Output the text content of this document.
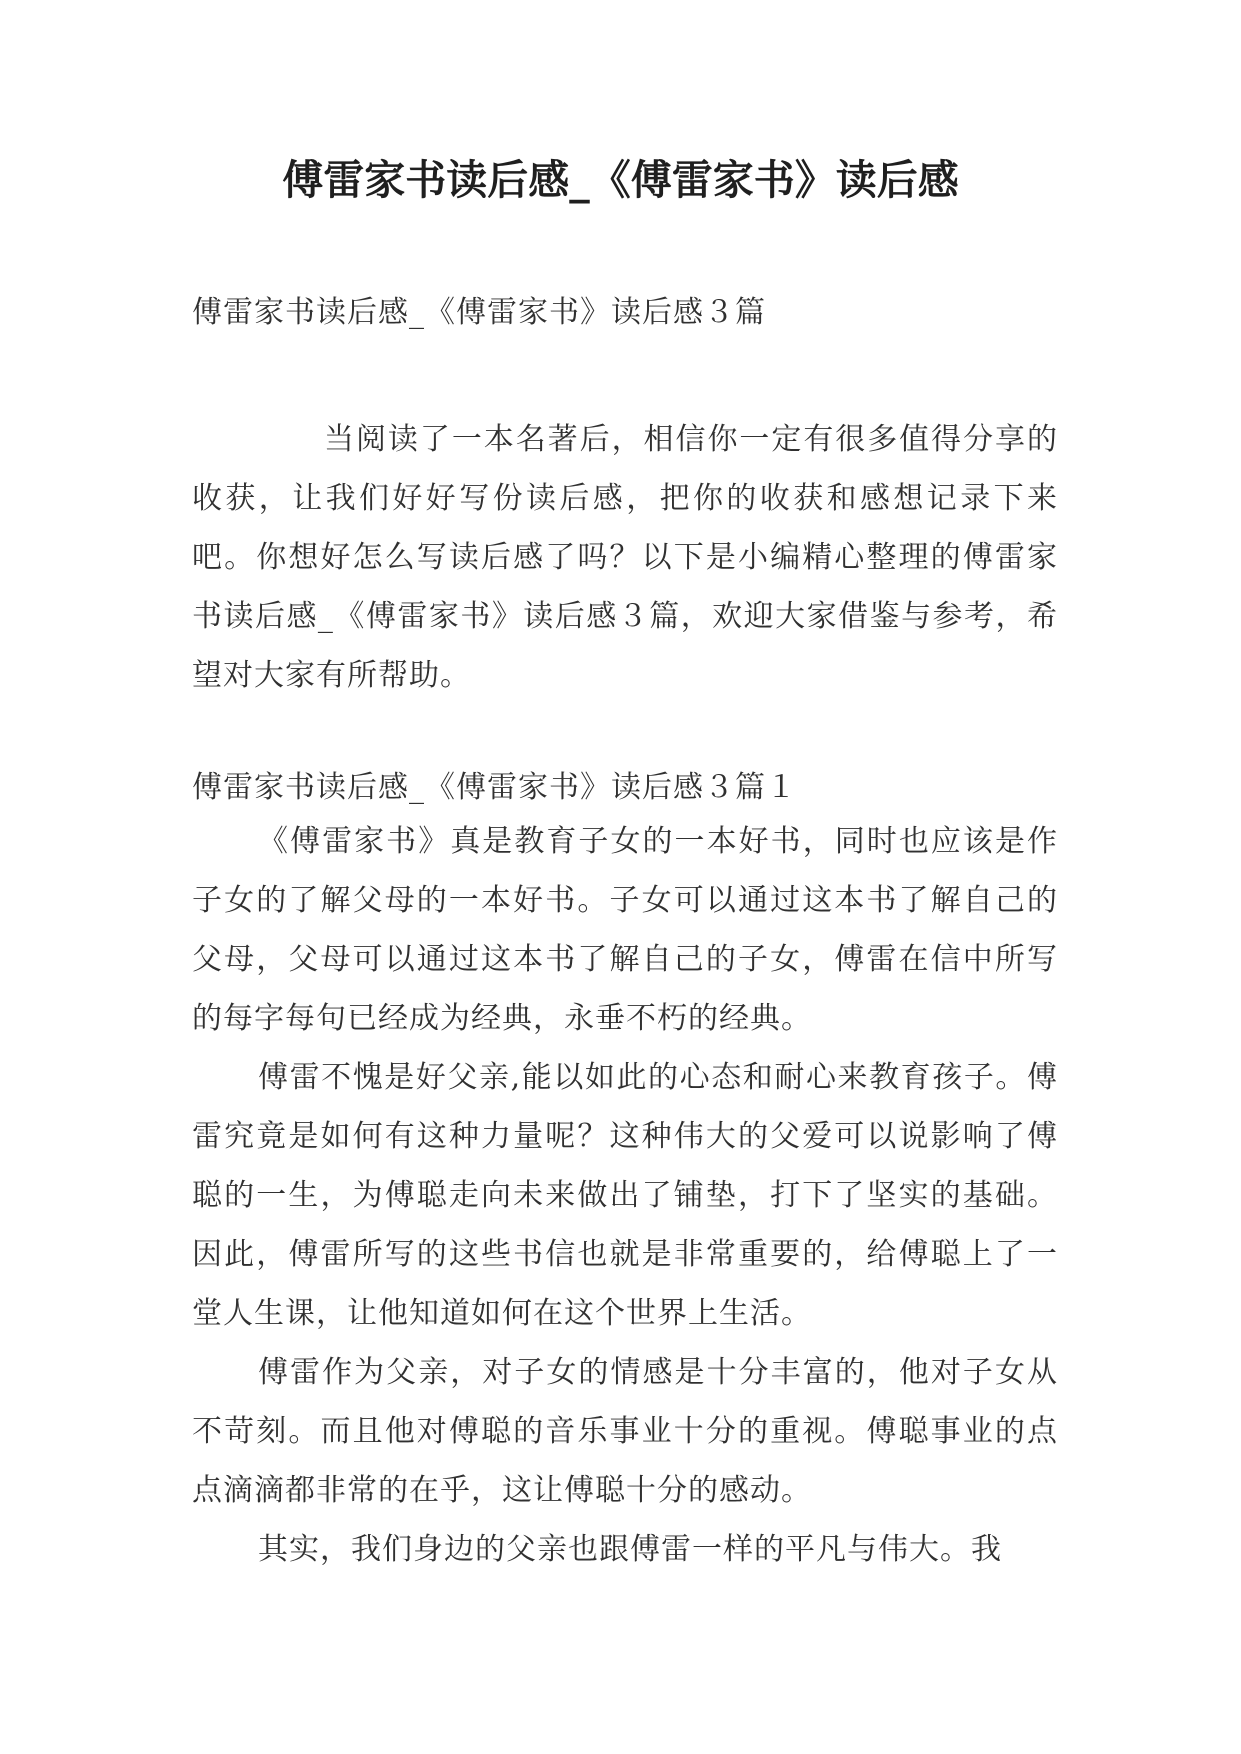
傅雷家书读后感_《傅雷家书》读后感

傅雷家书读后感_《傅雷家书》读后感３篇

当阅读了一本名著后，相信你一定有很多值得分享的收获，让我们好好写份读后感，把你的收获和感想记录下来吧。你想好怎么写读后感了吗？以下是小编精心整理的傅雷家书读后感_《傅雷家书》读后感３篇，欢迎大家借鉴与参考，希望对大家有所帮助。

傅雷家书读后感_《傅雷家书》读后感３篇１

《傅雷家书》真是教育子女的一本好书，同时也应该是作子女的了解父母的一本好书。子女可以通过这本书了解自己的父母，父母可以通过这本书了解自己的子女，傅雷在信中所写的每字每句已经成为经典，永垂不朽的经典。

傅雷不愧是好父亲,能以如此的心态和耐心来教育孩子。傅雷究竟是如何有这种力量呢？这种伟大的父爱可以说影响了傅聪的一生，为傅聪走向未来做出了铺垫，打下了坚实的基础。因此，傅雷所写的这些书信也就是非常重要的，给傅聪上了一堂人生课，让他知道如何在这个世界上生活。

傅雷作为父亲，对子女的情感是十分丰富的，他对子女从不苛刻。而且他对傅聪的音乐事业十分的重视。傅聪事业的点点滴滴都非常的在乎，这让傅聪十分的感动。

其实，我们身边的父亲也跟傅雷一样的平凡与伟大。我
